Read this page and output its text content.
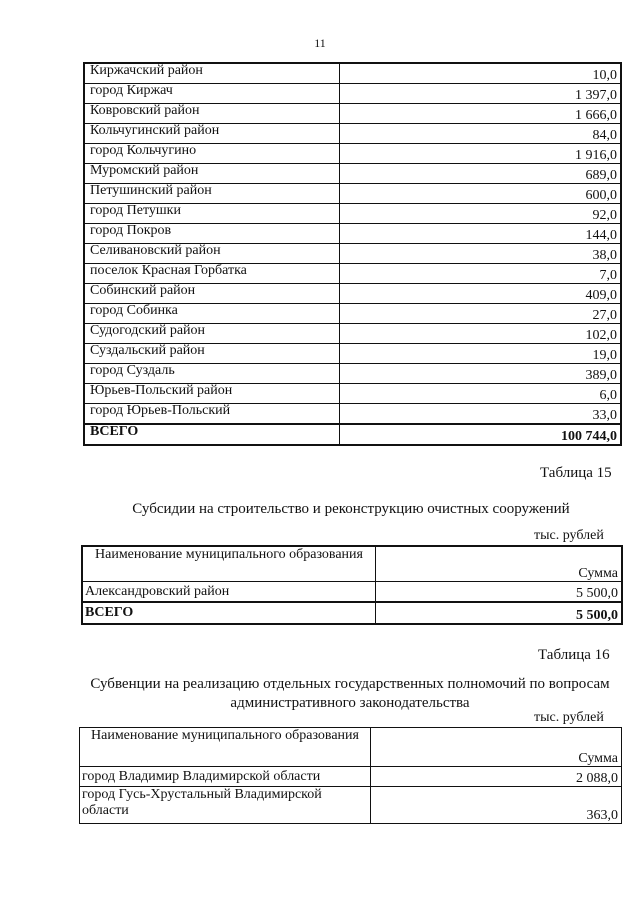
11
Киржачский район	10,0
город Киржач	1 397,0
Ковровский район	1 666,0
Кольчугинский район	84,0
город Кольчугино	1 916,0
Муромский район	689,0
Петушинский район	600,0
город Петушки	92,0
город Покров	144,0
Селивановский район	38,0
поселок Красная Горбатка	7,0
Собинский район	409,0
город Собинка	27,0
Судогодский район	102,0
Суздальский район	19,0
город Суздаль	389,0
Юрьев-Польский район	6,0
город Юрьев-Польский	33,0
ВСЕГО	100 744,0
Таблица 15
Субсидии на строительство и реконструкцию очистных сооружений
тыс. рублей
Наименование муниципального образования	Сумма
Александровский район	5 500,0
ВСЕГО	5 500,0
Таблица 16
Субвенции на реализацию отдельных государственных полномочий по вопросам
административного законодательства
тыс. рублей
Наименование муниципального образования	Сумма
город Владимир Владимирской области	2 088,0
город Гусь-Хрустальный Владимирской области	363,0
